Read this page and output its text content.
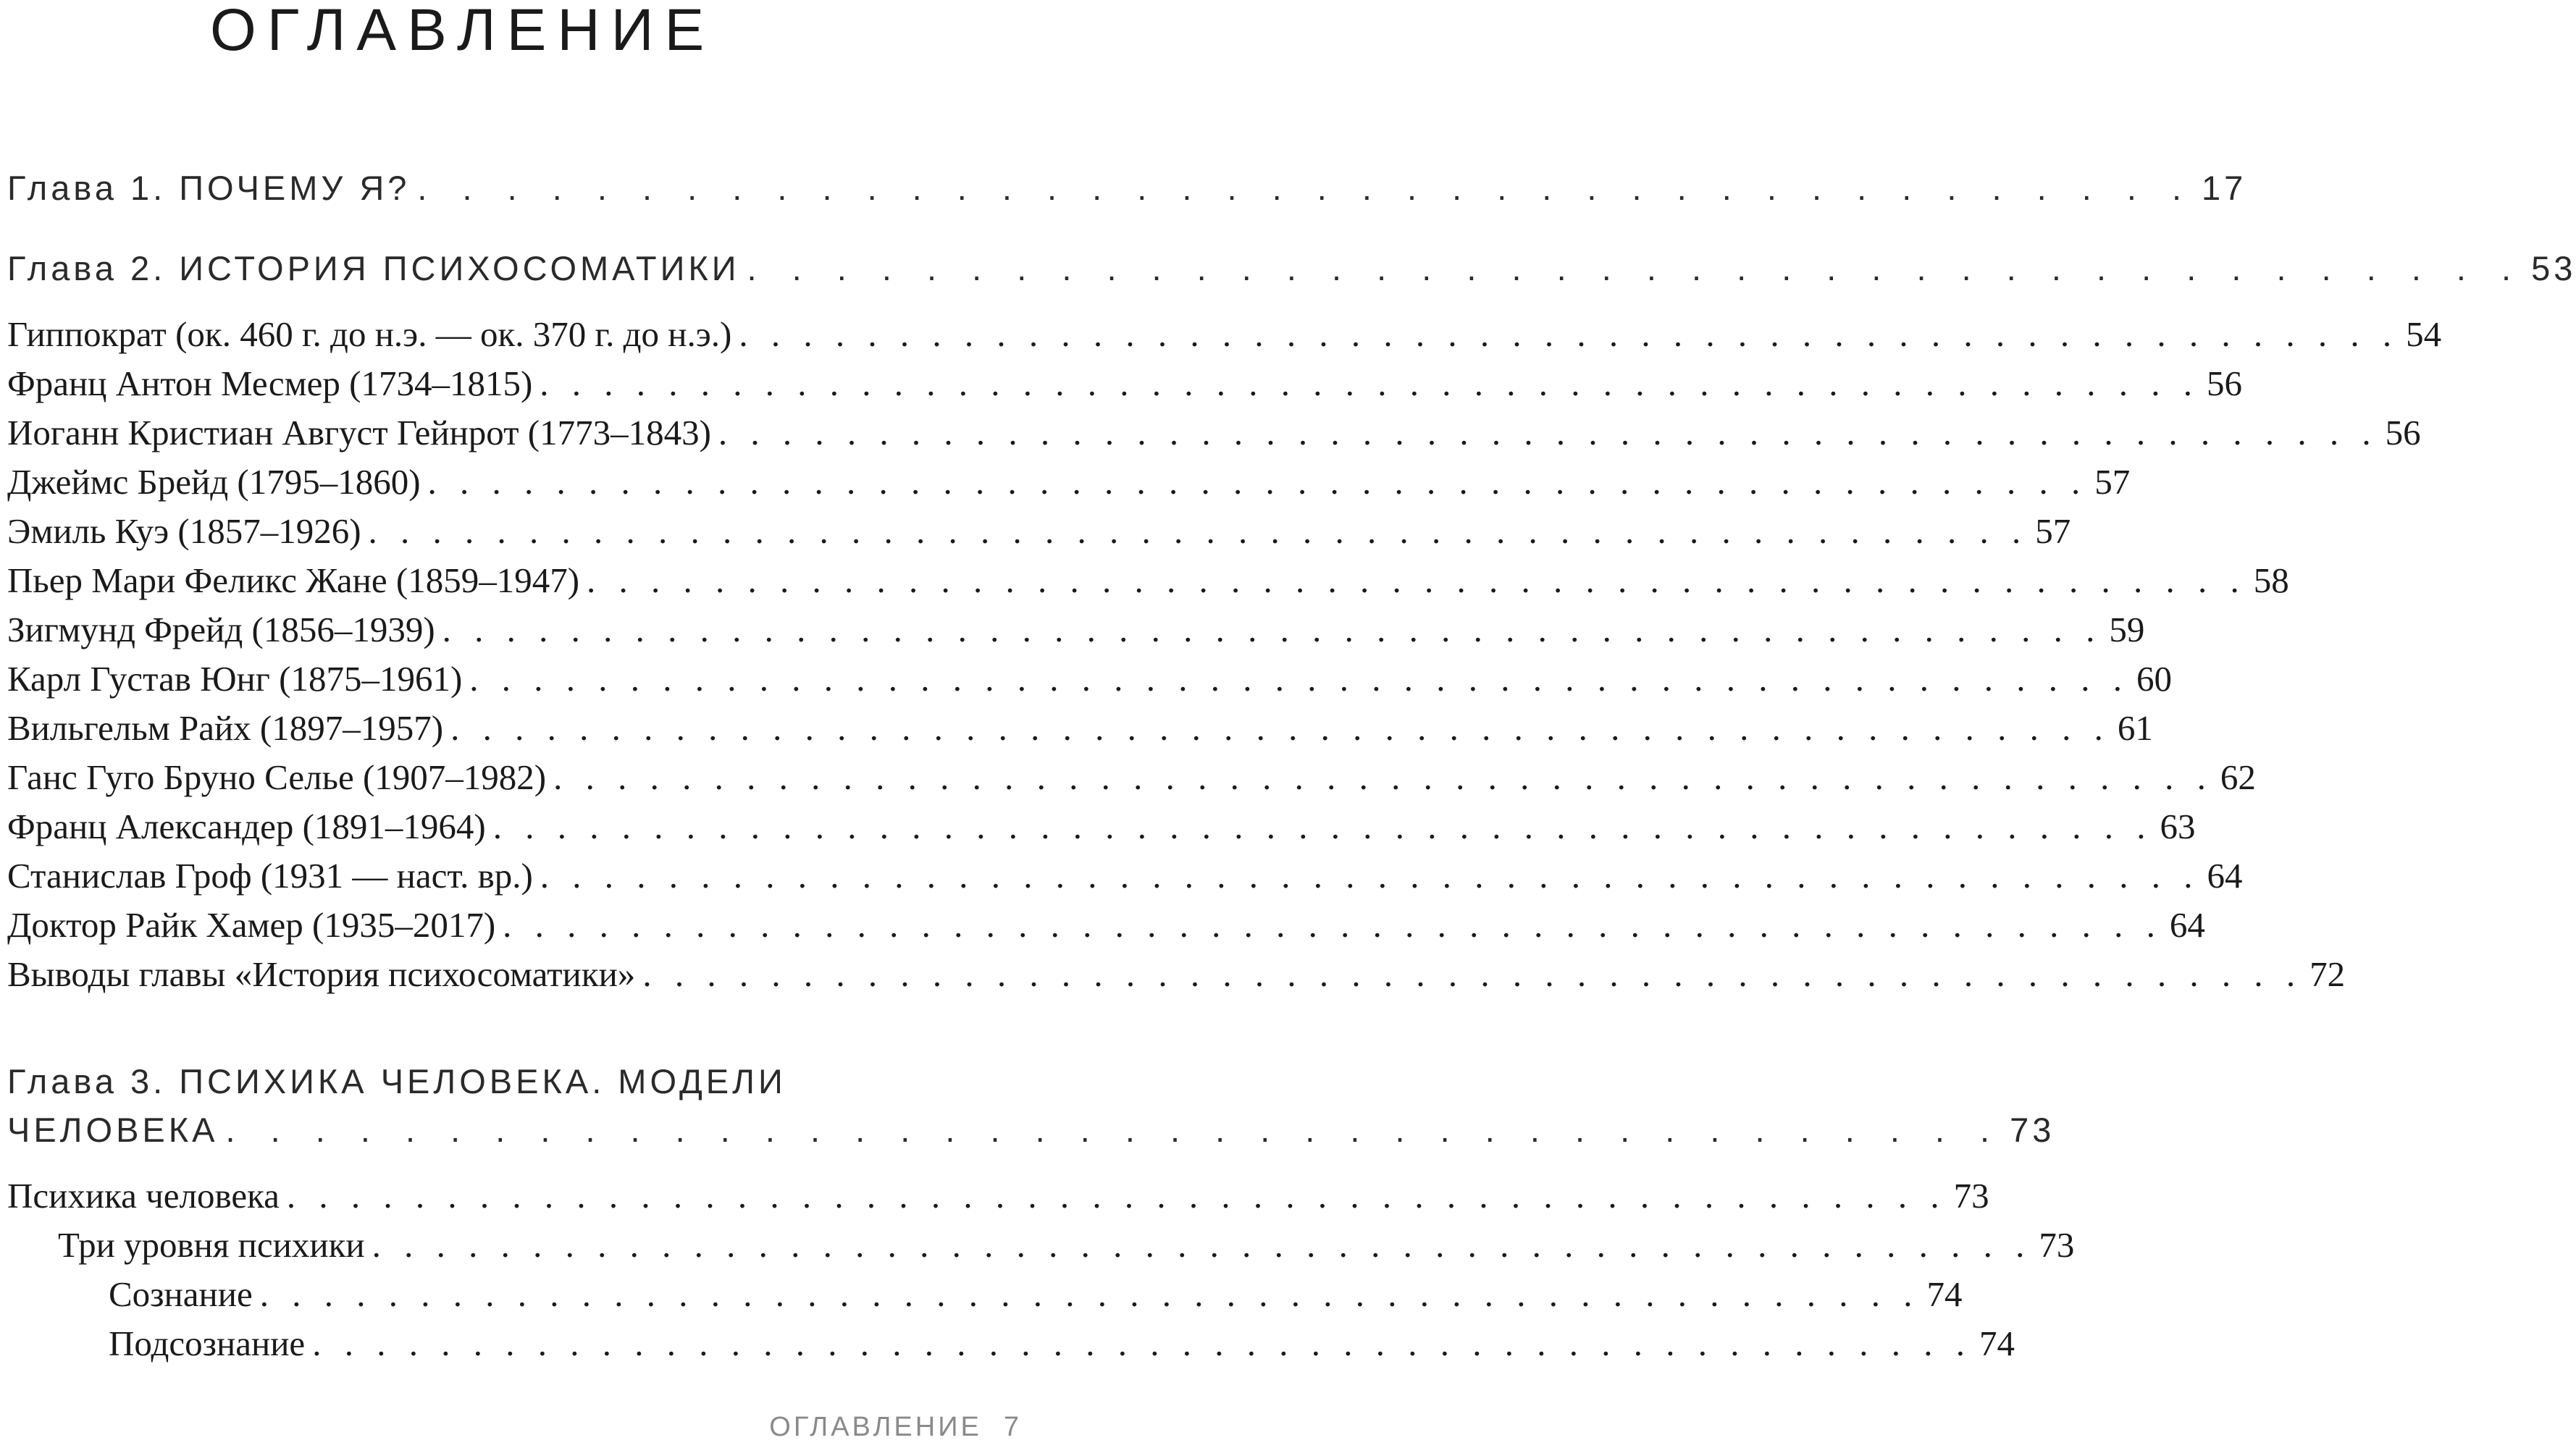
ОГЛАВЛЕНИЕ
Глава 1. ПОЧЕМУ Я? . . . . . . . . . . . . . . . . . . . . . . . . . . . . . . . . . . . . . . . . 17
Глава 2. ИСТОРИЯ ПСИХОСОМАТИКИ . . . . . . . . . . . . . . . . . . . . . . . . . . . . . . . . . . . . . . . . 53
Гиппократ (ок. 460 г. до н.э. — ок. 370 г. до н.э.) . . . . . . . . . . . . . . . . . . . . . . . . . . . . . . . . . . . . . . . . . . . . . . . . . . . . 54
Франц Антон Месмер (1734–1815) . . . . . . . . . . . . . . . . . . . . . . . . . . . . . . . . . . . . . . . . . . . . . . . . . . . . 56
Иоганн Кристиан Август Гейнрот (1773–1843) . . . . . . . . . . . . . . . . . . . . . . . . . . . . . . . . . . . . . . . . . . . . . . . . . . . . 56
Джеймс Брейд (1795–1860) . . . . . . . . . . . . . . . . . . . . . . . . . . . . . . . . . . . . . . . . . . . . . . . . . . . . 57
Эмиль Куэ (1857–1926) . . . . . . . . . . . . . . . . . . . . . . . . . . . . . . . . . . . . . . . . . . . . . . . . . . . . 57
Пьер Мари Феликс Жане (1859–1947) . . . . . . . . . . . . . . . . . . . . . . . . . . . . . . . . . . . . . . . . . . . . . . . . . . . . 58
Зигмунд Фрейд (1856–1939) . . . . . . . . . . . . . . . . . . . . . . . . . . . . . . . . . . . . . . . . . . . . . . . . . . . . 59
Карл Густав Юнг (1875–1961) . . . . . . . . . . . . . . . . . . . . . . . . . . . . . . . . . . . . . . . . . . . . . . . . . . . . 60
Вильгельм Райх (1897–1957) . . . . . . . . . . . . . . . . . . . . . . . . . . . . . . . . . . . . . . . . . . . . . . . . . . . . 61
Ганс Гуго Бруно Селье (1907–1982) . . . . . . . . . . . . . . . . . . . . . . . . . . . . . . . . . . . . . . . . . . . . . . . . . . . . 62
Франц Александер (1891–1964) . . . . . . . . . . . . . . . . . . . . . . . . . . . . . . . . . . . . . . . . . . . . . . . . . . . . 63
Станислав Гроф (1931 — наст. вр.) . . . . . . . . . . . . . . . . . . . . . . . . . . . . . . . . . . . . . . . . . . . . . . . . . . . . 64
Доктор Райк Хамер (1935–2017) . . . . . . . . . . . . . . . . . . . . . . . . . . . . . . . . . . . . . . . . . . . . . . . . . . . . 64
Выводы главы «История психосоматики» . . . . . . . . . . . . . . . . . . . . . . . . . . . . . . . . . . . . . . . . . . . . . . . . . . . . 72
Глава 3. ПСИХИКА ЧЕЛОВЕКА. МОДЕЛИ
ЧЕЛОВЕКА . . . . . . . . . . . . . . . . . . . . . . . . . . . . . . . . . . . . . . . . 73
Психика человека . . . . . . . . . . . . . . . . . . . . . . . . . . . . . . . . . . . . . . . . . . . . . . . . . . . . 73
Три уровня психики . . . . . . . . . . . . . . . . . . . . . . . . . . . . . . . . . . . . . . . . . . . . . . . . . . . . 73
Сознание . . . . . . . . . . . . . . . . . . . . . . . . . . . . . . . . . . . . . . . . . . . . . . . . . . . . 74
Подсознание . . . . . . . . . . . . . . . . . . . . . . . . . . . . . . . . . . . . . . . . . . . . . . . . . . . . 74
ОГЛАВЛЕНИЕ 7
